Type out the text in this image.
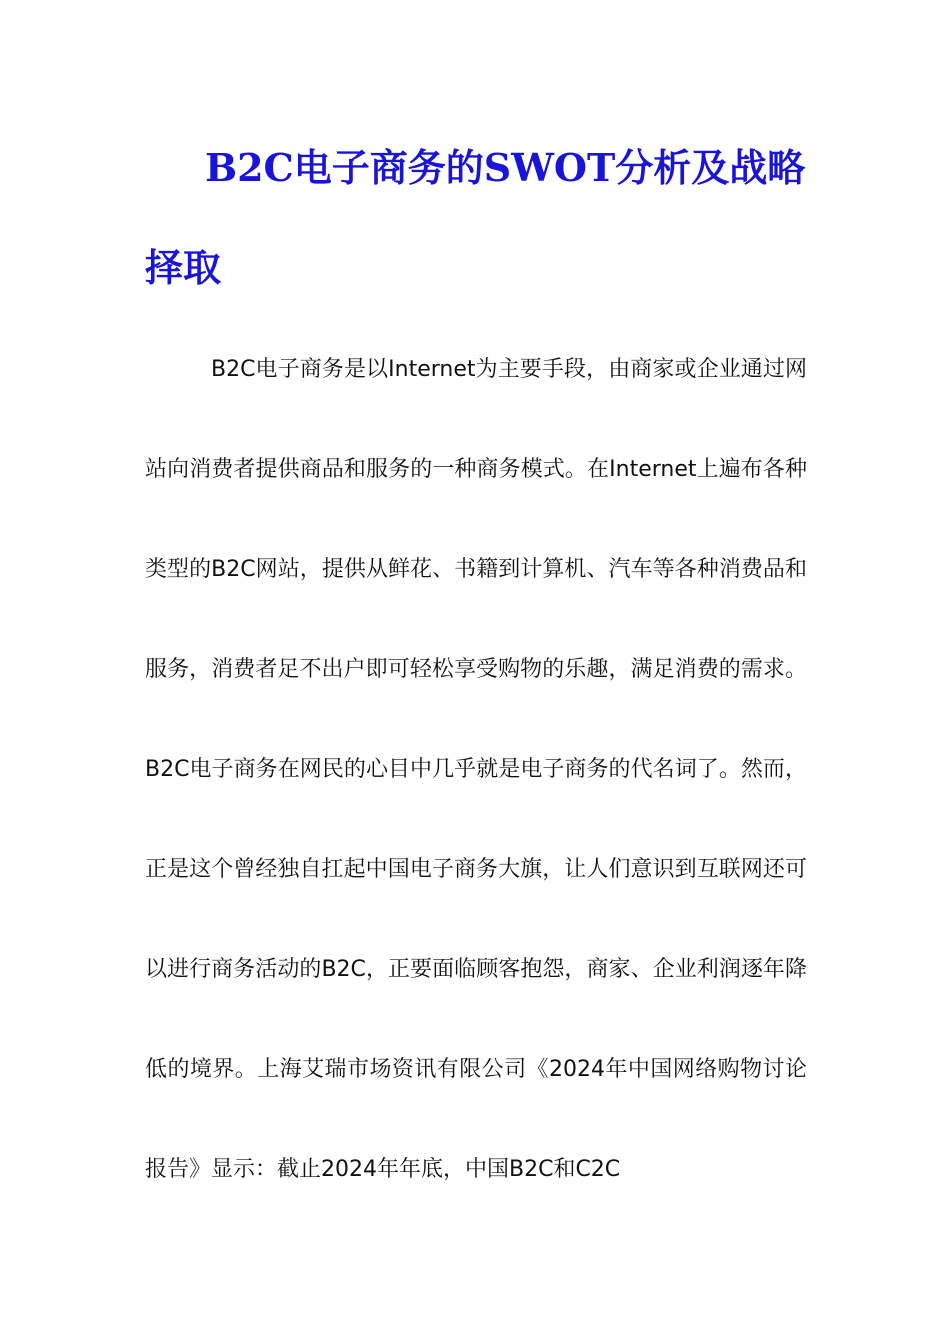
B2C电子商务的SWOT分析及战略择取

B2C电子商务是以Internet为主要手段，由商家或企业通过网站向消费者提供商品和服务的一种商务模式。在Internet上遍布各种类型的B2C网站，提供从鲜花、书籍到计算机、汽车等各种消费品和服务，消费者足不出户即可轻松享受购物的乐趣，满足消费的需求。B2C电子商务在网民的心目中几乎就是电子商务的代名词了。然而，正是这个曾经独自扛起中国电子商务大旗，让人们意识到互联网还可以进行商务活动的B2C，正要面临顾客抱怨，商家、企业利润逐年降低的境界。上海艾瑞市场资讯有限公司《2024年中国网络购物讨论报告》显示：截止2024年年底，中国B2C和C2C
